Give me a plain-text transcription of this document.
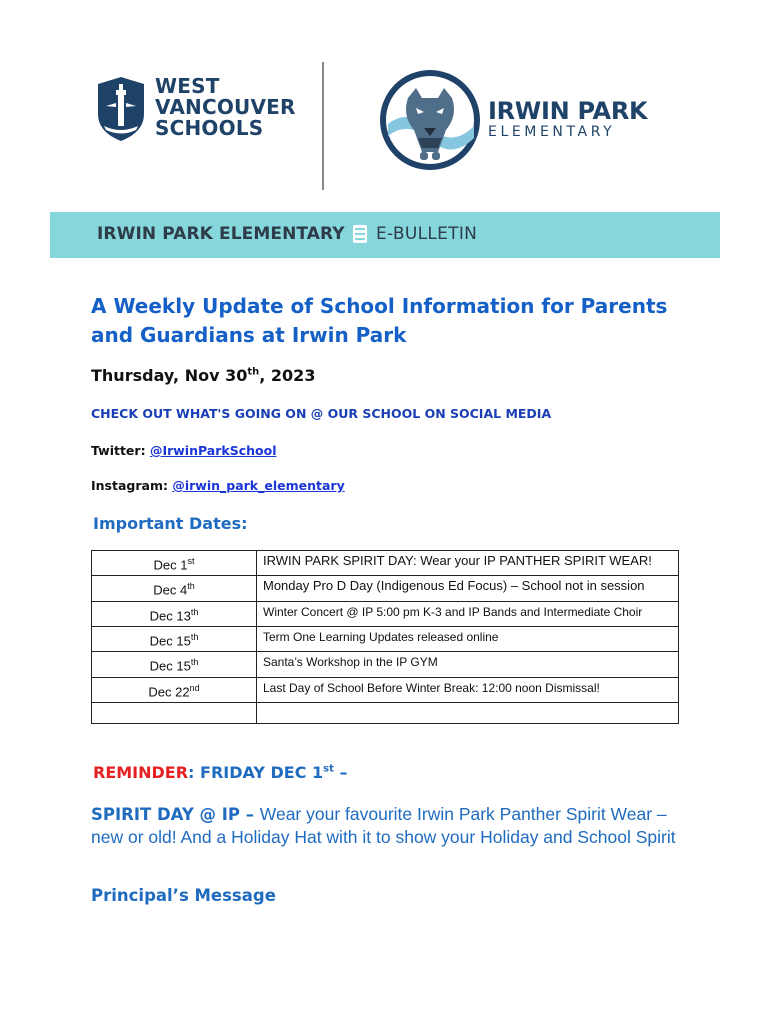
WEST
VANCOUVER
SCHOOLS
IRWIN PARK
ELEMENTARY
IRWIN PARK ELEMENTARY E-BULLETIN
A Weekly Update of School Information for Parents and Guardians at Irwin Park
Thursday, Nov 30th, 2023
CHECK OUT WHAT'S GOING ON @ OUR SCHOOL ON SOCIAL MEDIA
Twitter: @IrwinParkSchool
Instagram: @irwin_park_elementary
Important Dates:
Dec 1st	IRWIN PARK SPIRIT DAY: Wear your IP PANTHER SPIRIT WEAR!
Dec 4th	Monday Pro D Day (Indigenous Ed Focus) – School not in session
Dec 13th	Winter Concert @ IP 5:00 pm K-3 and IP Bands and Intermediate Choir
Dec 15th	Term One Learning Updates released online
Dec 15th	Santa’s Workshop in the IP GYM
Dec 22nd	Last Day of School Before Winter Break: 12:00 noon Dismissal!

REMINDER: FRIDAY DEC 1st –
SPIRIT DAY @ IP – Wear your favourite Irwin Park Panther Spirit Wear – new or old! And a Holiday Hat with it to show your Holiday and School Spirit
Principal’s Message
